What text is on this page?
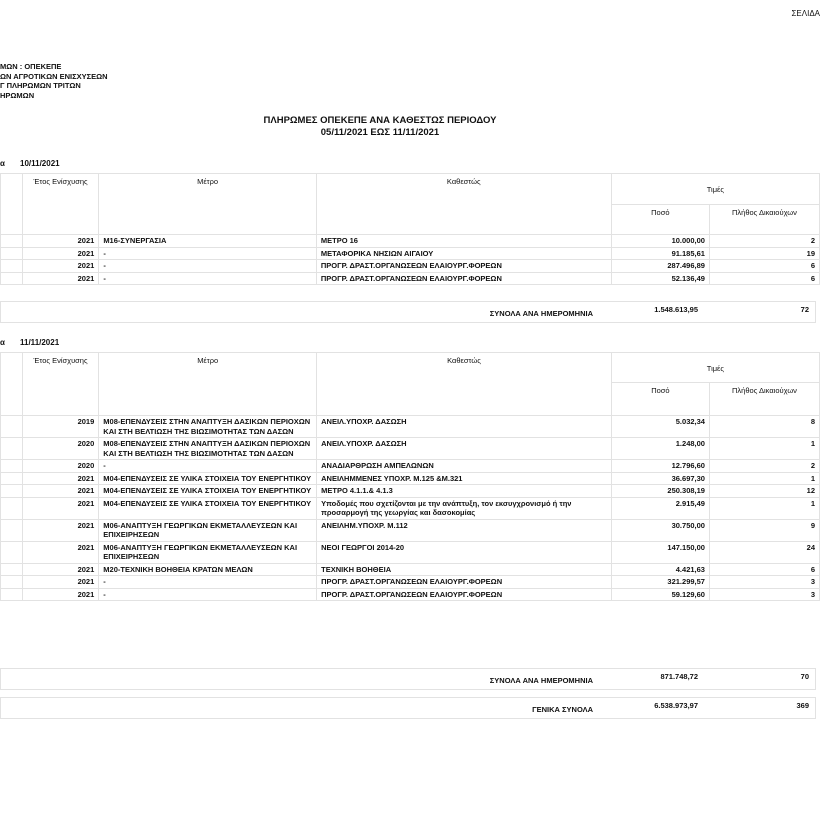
ΣΕΛΙΔΑ
ΜΩΝ : ΟΠΕΚΕΠΕ
ΩΝ ΑΓΡΟΤΙΚΩΝ ΕΝΙΣΧΥΣΕΩΝ
Γ ΠΛΗΡΩΜΩΝ ΤΡΙΤΩΝ
ΗΡΩΜΩΝ
ΠΛΗΡΩΜΕΣ ΟΠΕΚΕΠΕ ΑΝΑ ΚΑΘΕΣΤΩΣ ΠΕΡΙΟΔΟΥ
05/11/2021 ΕΩΣ 11/11/2021
α 10/11/2021
	Έτος Ενίσχυσης	Μέτρο	Καθεστώς	Τιμές	
				Ποσό	Πλήθος Δικαιούχων
	2021	Μ16-ΣΥΝΕΡΓΑΣΙΑ	ΜΕΤΡΟ 16	10.000,00	2
	2021	-	ΜΕΤΑΦΟΡΙΚΑ ΝΗΣΙΩΝ ΑΙΓΑΙΟΥ	91.185,61	19
	2021	-	ΠΡΟΓΡ. ΔΡΑΣΤ.ΟΡΓΑΝΩΣΕΩΝ ΕΛΑΙΟΥΡΓ.ΦΟΡΕΩΝ	287.496,89	6
	2021	-	ΠΡΟΓΡ. ΔΡΑΣΤ.ΟΡΓΑΝΩΣΕΩΝ ΕΛΑΙΟΥΡΓ.ΦΟΡΕΩΝ	52.136,49	6
ΣΥΝΟΛΑ ΑΝΑ ΗΜΕΡΟΜΗΝΙΑ	1.548.613,95	72
α 11/11/2021
	Έτος Ενίσχυσης	Μέτρο	Καθεστώς	Τιμές	
				Ποσό	Πλήθος Δικαιούχων
	2019	Μ08-ΕΠΕΝΔΥΣΕΙΣ ΣΤΗΝ ΑΝΑΠΤΥΞΗ ΔΑΣΙΚΩΝ ΠΕΡΙΟΧΩΝ ΚΑΙ ΣΤΗ ΒΕΛΤΙΩΣΗ ΤΗΣ ΒΙΩΣΙΜΟΤΗΤΑΣ ΤΩΝ ΔΑΣΩΝ	ΑΝΕΙΛ.ΥΠΟΧΡ. ΔΑΣΩΣΗ	5.032,34	8
	2020	Μ08-ΕΠΕΝΔΥΣΕΙΣ ΣΤΗΝ ΑΝΑΠΤΥΞΗ ΔΑΣΙΚΩΝ ΠΕΡΙΟΧΩΝ ΚΑΙ ΣΤΗ ΒΕΛΤΙΩΣΗ ΤΗΣ ΒΙΩΣΙΜΟΤΗΤΑΣ ΤΩΝ ΔΑΣΩΝ	ΑΝΕΙΛ.ΥΠΟΧΡ. ΔΑΣΩΣΗ	1.248,00	1
	2020	-	ΑΝΑΔΙΑΡΘΡΩΣΗ ΑΜΠΕΛΩΝΩΝ	12.796,60	2
	2021	Μ04-ΕΠΕΝΔΥΣΕΙΣ ΣΕ ΥΛΙΚΑ ΣΤΟΙΧΕΙΑ ΤΟΥ ΕΝΕΡΓΗΤΙΚΟΥ	ΑΝΕΙΛΗΜΜΕΝΕΣ ΥΠΟΧΡ. Μ.125 &Μ.321	36.697,30	1
	2021	Μ04-ΕΠΕΝΔΥΣΕΙΣ ΣΕ ΥΛΙΚΑ ΣΤΟΙΧΕΙΑ ΤΟΥ ΕΝΕΡΓΗΤΙΚΟΥ	ΜΕΤΡΟ 4.1.1.& 4.1.3	250.308,19	12
	2021	Μ04-ΕΠΕΝΔΥΣΕΙΣ ΣΕ ΥΛΙΚΑ ΣΤΟΙΧΕΙΑ ΤΟΥ ΕΝΕΡΓΗΤΙΚΟΥ	Υποδομές που σχετίζονται με την ανάπτυξη, τον εκσυγχρονισμό ή την προσαρμογή της γεωργίας και δασοκομίας	2.915,49	1
	2021	Μ06-ΑΝΑΠΤΥΞΗ ΓΕΩΡΓΙΚΩΝ ΕΚΜΕΤΑΛΛΕΥΣΕΩΝ ΚΑΙ ΕΠΙΧΕΙΡΗΣΕΩΝ	ΑΝΕΙΛΗΜ.ΥΠΟΧΡ. Μ.112	30.750,00	9
	2021	Μ06-ΑΝΑΠΤΥΞΗ ΓΕΩΡΓΙΚΩΝ ΕΚΜΕΤΑΛΛΕΥΣΕΩΝ ΚΑΙ ΕΠΙΧΕΙΡΗΣΕΩΝ	ΝΕΟΙ ΓΕΩΡΓΟΙ 2014-20	147.150,00	24
	2021	Μ20-ΤΕΧΝΙΚΗ ΒΟΗΘΕΙΑ ΚΡΑΤΩΝ ΜΕΛΩΝ	ΤΕΧΝΙΚΗ ΒΟΗΘΕΙΑ	4.421,63	6
	2021	-	ΠΡΟΓΡ. ΔΡΑΣΤ.ΟΡΓΑΝΩΣΕΩΝ ΕΛΑΙΟΥΡΓ.ΦΟΡΕΩΝ	321.299,57	3
	2021	-	ΠΡΟΓΡ. ΔΡΑΣΤ.ΟΡΓΑΝΩΣΕΩΝ ΕΛΑΙΟΥΡΓ.ΦΟΡΕΩΝ	59.129,60	3
ΣΥΝΟΛΑ ΑΝΑ ΗΜΕΡΟΜΗΝΙΑ	871.748,72	70
ΓΕΝΙΚΑ ΣΥΝΟΛΑ	6.538.973,97	369
